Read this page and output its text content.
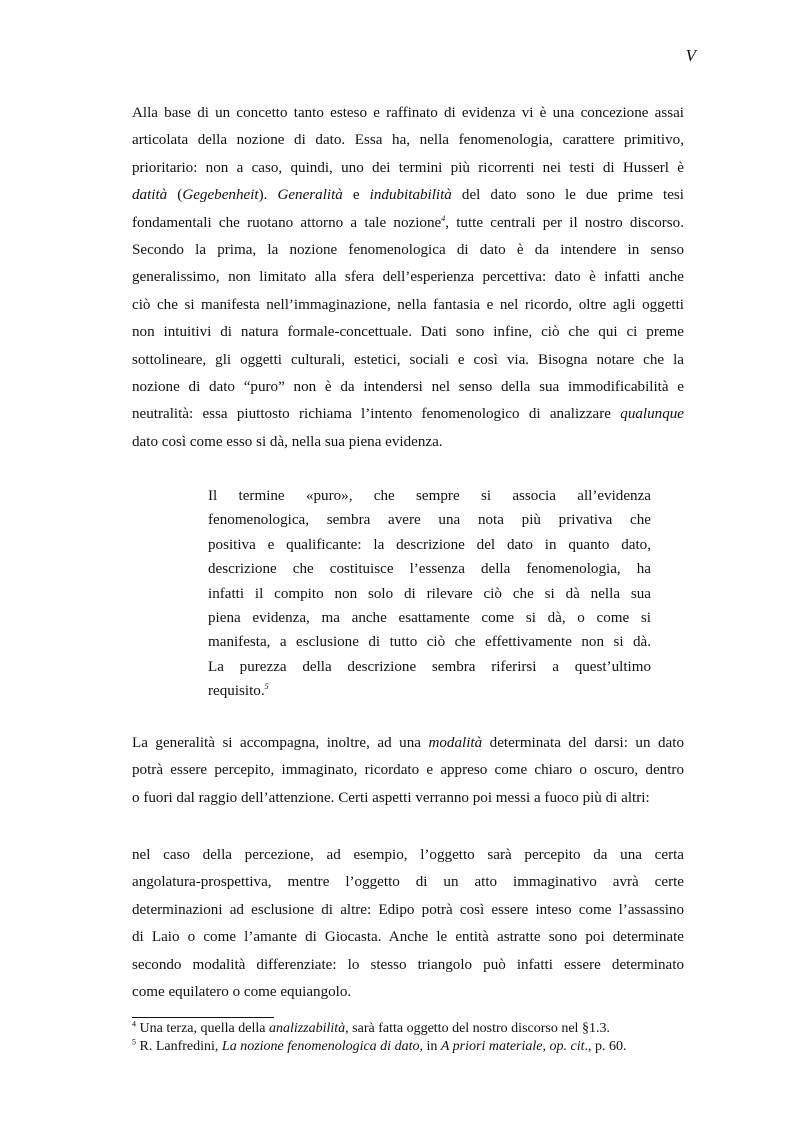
V

Alla base di un concetto tanto esteso e raffinato di evidenza vi è una concezione assai
articolata della nozione di dato. Essa ha, nella fenomenologia, carattere primitivo,
prioritario: non a caso, quindi, uno dei termini più ricorrenti nei testi di Husserl è
datità (Gegebenheit). Generalità e indubitabilità del dato sono le due prime tesi
fondamentali che ruotano attorno a tale nozione$^4$, tutte centrali per il nostro discorso.
Secondo la prima, la nozione fenomenologica di dato è da intendere in senso
generalissimo, non limitato alla sfera dell’esperienza percettiva: dato è infatti anche
ciò che si manifesta nell’immaginazione, nella fantasia e nel ricordo, oltre agli oggetti
non intuitivi di natura formale-concettuale. Dati sono infine, ciò che qui ci preme
sottolineare, gli oggetti culturali, estetici, sociali e così via. Bisogna notare che la
nozione di dato “puro” non è da intendersi nel senso della sua immodificabilità e
neutralità: essa piuttosto richiama l’intento fenomenologico di analizzare qualunque
dato così come esso si dà, nella sua piena evidenza.

Il termine «puro», che sempre si associa all’evidenza
fenomenologica, sembra avere una nota più privativa che
positiva e qualificante: la descrizione del dato in quanto dato,
descrizione che costituisce l’essenza della fenomenologia, ha
infatti il compito non solo di rilevare ciò che si dà nella sua
piena evidenza, ma anche esattamente come si dà, o come si
manifesta, a esclusione di tutto ciò che effettivamente non si dà.
La purezza della descrizione sembra riferirsi a quest’ultimo
requisito.$^5$

La generalità si accompagna, inoltre, ad una modalità determinata del darsi: un dato
potrà essere percepito, immaginato, ricordato e appreso come chiaro o oscuro, dentro
o fuori dal raggio dell’attenzione. Certi aspetti verranno poi messi a fuoco più di altri:

nel caso della percezione, ad esempio, l’oggetto sarà percepito da una certa
angolatura-prospettiva, mentre l’oggetto di un atto immaginativo avrà certe
determinazioni ad esclusione di altre: Edipo potrà così essere inteso come l’assassino
di Laio o come l’amante di Giocasta. Anche le entità astratte sono poi determinate
secondo modalità differenziate: lo stesso triangolo può infatti essere determinato
come equilatero o come equiangolo.

$^4$ Una terza, quella della analizzabilità, sarà fatta oggetto del nostro discorso nel §1.3.
$^5$ R. Lanfredini, La nozione fenomenologica di dato, in A priori materiale, op. cit., p. 60.
